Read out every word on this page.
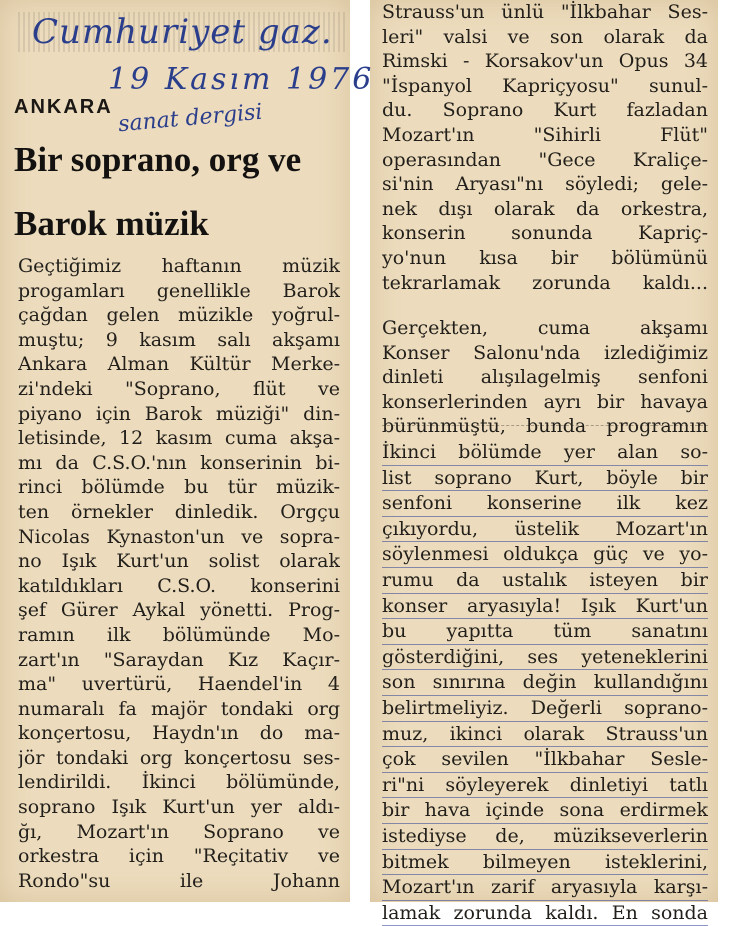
Cumhuriyet gaz.

19 Kasım 1976

sanat dergisi

ANKARA

Bir soprano, org ve Barok müzik
Geçtiğimiz haftanın müzik
progamları genellikle Barok
çağdan gelen müzikle yoğrul-
muştu; 9 kasım salı akşamı
Ankara Alman Kültür Merke-
zi'ndeki "Soprano, flüt ve
piyano için Barok müziği" din-
letisinde, 12 kasım cuma akşa-
mı da C.S.O.'nın konserinin bi-
rinci bölümde bu tür müzik-
ten örnekler dinledik. Orgçu
Nicolas Kynaston'un ve sopra-
no Işık Kurt'un solist olarak
katıldıkları C.S.O. konserini
şef Gürer Aykal yönetti. Prog-
ramın ilk bölümünde Mo-
zart'ın "Saraydan Kız Kaçır-
ma" uvertürü, Haendel'in 4
numaralı fa majör tondaki org
konçertosu, Haydn'ın do ma-
jör tondaki org konçertosu ses-
lendirildi. İkinci bölümünde,
soprano Işık Kurt'un yer aldı-
ğı, Mozart'ın Soprano ve
orkestra için "Reçitativ ve
Rondo"su ile Johann
Strauss'un ünlü "İlkbahar Ses-
leri" valsi ve son olarak da
Rimski - Korsakov'un Opus 34
"İspanyol Kapriçyosu" sunul-
du. Soprano Kurt fazladan
Mozart'ın "Sihirli Flüt"
operasından "Gece Kraliçe-
si'nin Aryası"nı söyledi; gele-
nek dışı olarak da orkestra,
konserin sonunda Kapriç-
yo'nun kısa bir bölümünü
tekrarlamak zorunda kaldı...
Gerçekten, cuma akşamı
Konser Salonu'nda izlediğimiz
dinleti alışılagelmiş senfoni
konserlerinden ayrı bir havaya
bürünmüştü, bunda programın
İkinci bölümde yer alan so-
list soprano Kurt, böyle bir
senfoni konserine ilk kez
çıkıyordu, üstelik Mozart'ın
söylenmesi oldukça güç ve yo-
rumu da ustalık isteyen bir
konser aryasıyla! Işık Kurt'un
bu yapıtta tüm sanatını
gösterdiğini, ses yeteneklerini
son sınırına değin kullandığını
belirtmeliyiz. Değerli soprano-
muz, ikinci olarak Strauss'un
çok sevilen "İlkbahar Sesle-
ri"ni söyleyerek dinletiyi tatlı
bir hava içinde sona erdirmek
istediyse de, müzikseverlerin
bitmek bilmeyen isteklerini,
Mozart'ın zarif aryasıyla karşı-
lamak zorunda kaldı. En sonda
